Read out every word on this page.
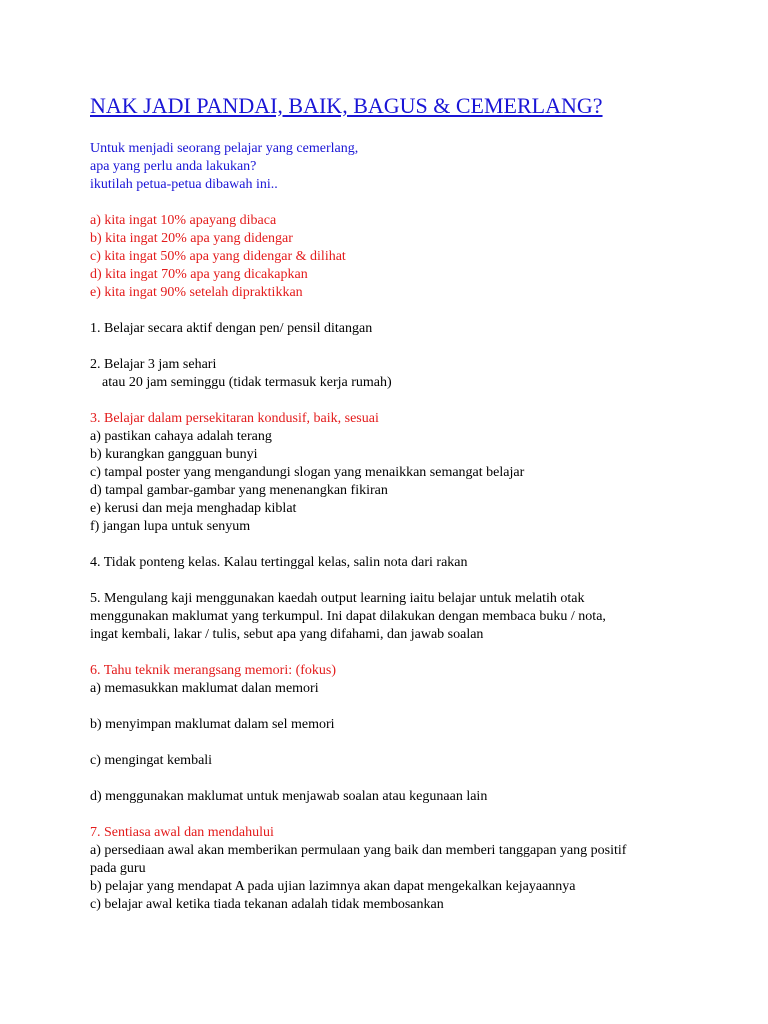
NAK JADI PANDAI, BAIK, BAGUS & CEMERLANG?
Untuk menjadi seorang pelajar yang cemerlang,
apa yang perlu anda lakukan?
ikutilah petua-petua dibawah ini..
a) kita ingat 10% apayang dibaca
b) kita ingat 20% apa yang didengar
c) kita ingat 50% apa yang didengar & dilihat
d) kita ingat 70% apa yang dicakapkan
e) kita ingat 90% setelah dipraktikkan
1. Belajar secara aktif dengan pen/ pensil ditangan
2. Belajar 3 jam sehari
atau 20 jam seminggu (tidak termasuk kerja rumah)
3. Belajar dalam persekitaran kondusif, baik, sesuai
a) pastikan cahaya adalah terang
b) kurangkan gangguan bunyi
c) tampal poster yang mengandungi slogan yang menaikkan semangat belajar
d) tampal gambar-gambar yang menenangkan fikiran
e) kerusi dan meja menghadap kiblat
f) jangan lupa untuk senyum
4. Tidak ponteng kelas. Kalau tertinggal kelas, salin nota dari rakan
5. Mengulang kaji menggunakan kaedah output learning iaitu belajar untuk melatih otak
menggunakan maklumat yang terkumpul. Ini dapat dilakukan dengan membaca buku / nota,
ingat kembali, lakar / tulis, sebut apa yang difahami, dan jawab soalan
6. Tahu teknik merangsang memori: (fokus)
a) memasukkan maklumat dalan memori
b) menyimpan maklumat dalam sel memori
c) mengingat kembali
d) menggunakan maklumat untuk menjawab soalan atau kegunaan lain
7. Sentiasa awal dan mendahului
a) persediaan awal akan memberikan permulaan yang baik dan memberi tanggapan yang positif
pada guru
b) pelajar yang mendapat A pada ujian lazimnya akan dapat mengekalkan kejayaannya
c) belajar awal ketika tiada tekanan adalah tidak membosankan
